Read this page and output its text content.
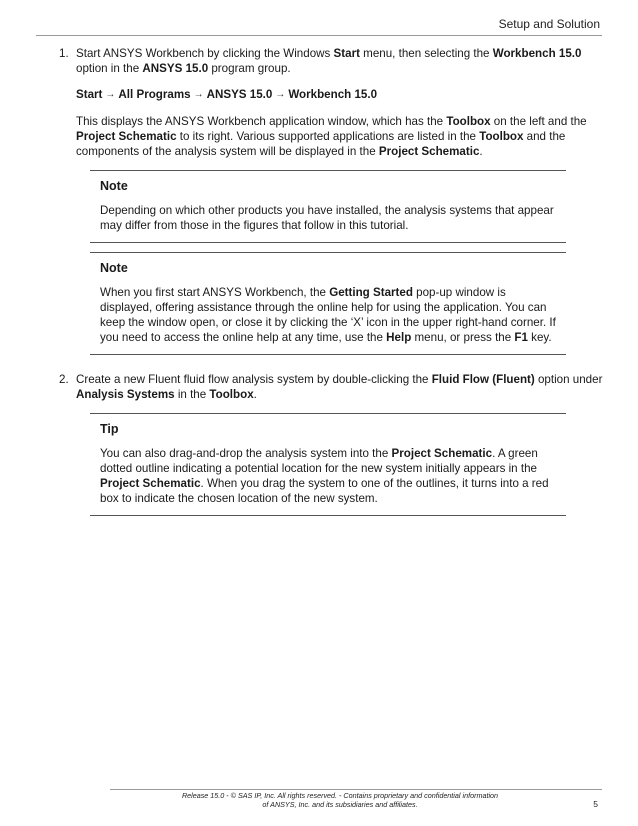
Setup and Solution
1. Start ANSYS Workbench by clicking the Windows Start menu, then selecting the Workbench 15.0 option in the ANSYS 15.0 program group.

Start → All Programs → ANSYS 15.0 → Workbench 15.0

This displays the ANSYS Workbench application window, which has the Toolbox on the left and the Project Schematic to its right. Various supported applications are listed in the Toolbox and the components of the analysis system will be displayed in the Project Schematic.

Note
Depending on which other products you have installed, the analysis systems that appear may differ from those in the figures that follow in this tutorial.
Note
When you first start ANSYS Workbench, the Getting Started pop-up window is displayed, offering assistance through the online help for using the application. You can keep the window open, or close it by clicking the ‘X’ icon in the upper right-hand corner. If you need to access the online help at any time, use the Help menu, or press the F1 key.
2. Create a new Fluent fluid flow analysis system by double-clicking the Fluid Flow (Fluent) option under Analysis Systems in the Toolbox.

Tip
You can also drag-and-drop the analysis system into the Project Schematic. A green dotted outline indicating a potential location for the new system initially appears in the Project Schematic. When you drag the system to one of the outlines, it turns into a red box to indicate the chosen location of the new system.
Release 15.0 - © SAS IP, Inc. All rights reserved. - Contains proprietary and confidential information
of ANSYS, Inc. and its subsidiaries and affiliates.	5
